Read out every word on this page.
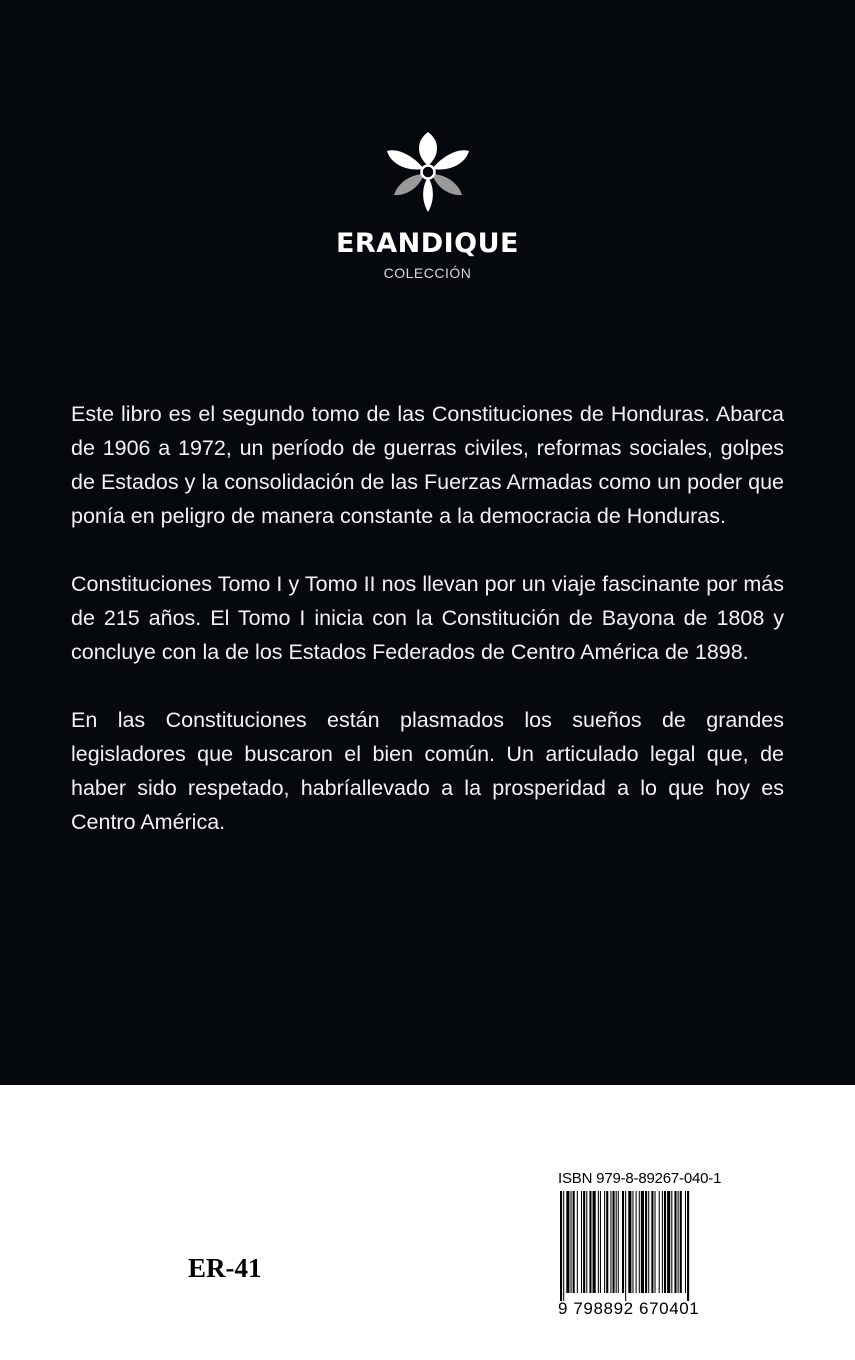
ERANDIQUE
COLECCIÓN

Este libro es el segundo tomo de las Constituciones de Honduras. Abarca de 1906 a 1972, un período de guerras civiles, reformas sociales, golpes de Estados y la consolidación de las Fuerzas Armadas como un poder que ponía en peligro de manera constante a la democracia de Honduras.

Constituciones Tomo I y Tomo II nos llevan por un viaje fascinante por más de 215 años. El Tomo I inicia con la Constitución de Bayona de 1808 y concluye con la de los Estados Federados de Centro América de 1898.

En las Constituciones están plasmados los sueños de grandes legisladores que buscaron el bien común. Un articulado legal que, de haber sido respetado, habríallevado a la prosperidad a lo que hoy es Centro América.

ER-41
ISBN 979-8-89267-040-1
9 798892 670401
